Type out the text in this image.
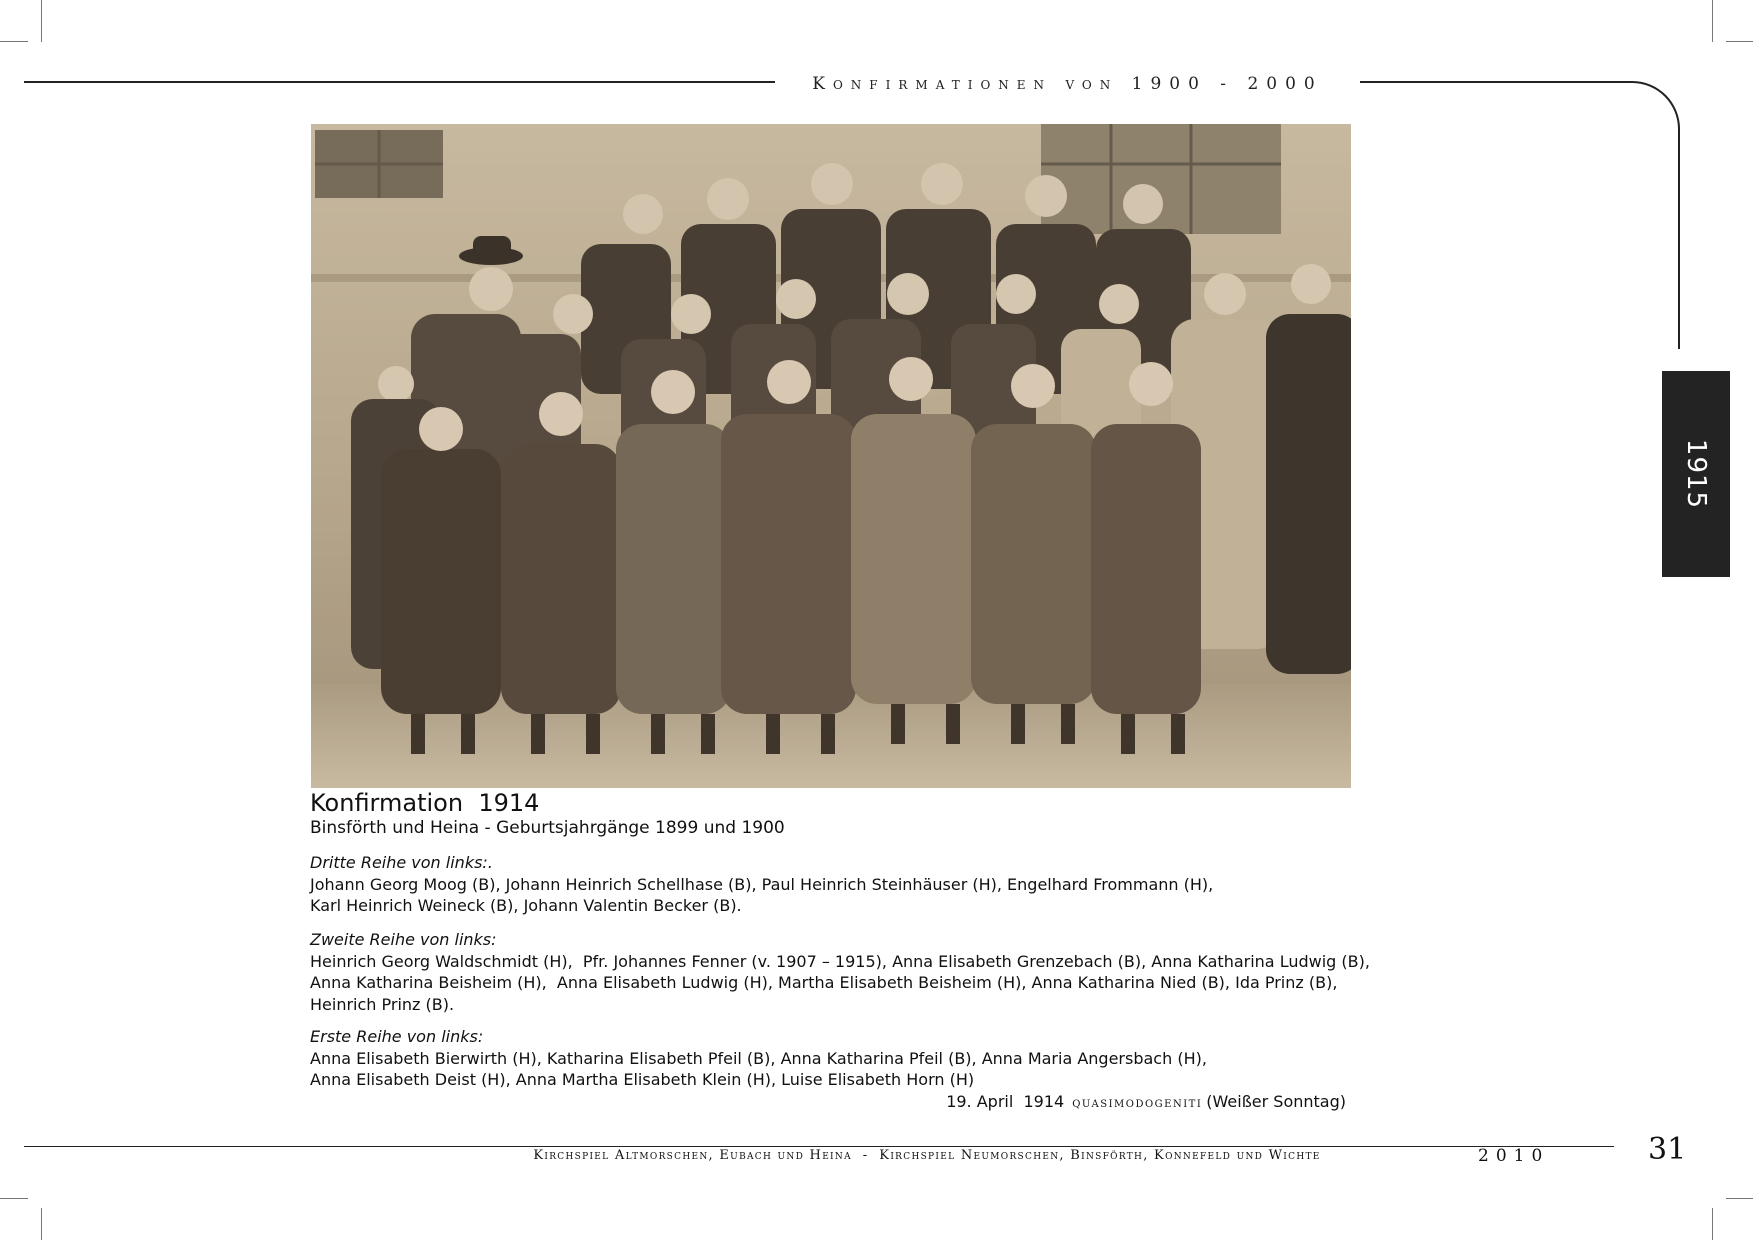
Konfirmationen von 1900 - 2000
1915
Konfirmation  1914
Binsförth und Heina - Geburtsjahrgänge 1899 und 1900
Dritte Reihe von links:.
Johann Georg Moog (B), Johann Heinrich Schellhase (B), Paul Heinrich Steinhäuser (H), Engelhard Frommann (H),
Karl Heinrich Weineck (B), Johann Valentin Becker (B).
Zweite Reihe von links:
Heinrich Georg Waldschmidt (H),  Pfr. Johannes Fenner (v. 1907 – 1915), Anna Elisabeth Grenzebach (B), Anna Katharina Ludwig (B),
Anna Katharina Beisheim (H),  Anna Elisabeth Ludwig (H), Martha Elisabeth Beisheim (H), Anna Katharina Nied (B), Ida Prinz (B),
Heinrich Prinz (B).
Erste Reihe von links:
Anna Elisabeth Bierwirth (H), Katharina Elisabeth Pfeil (B), Anna Katharina Pfeil (B), Anna Maria Angersbach (H),
Anna Elisabeth Deist (H), Anna Martha Elisabeth Klein (H), Luise Elisabeth Horn (H)
19. April  1914 quasimodogeniti (Weißer Sonntag)
Kirchspiel Altmorschen, Eubach und Heina  -  Kirchspiel Neumorschen, Binsförth, Konnefeld und Wichte	2010	31
